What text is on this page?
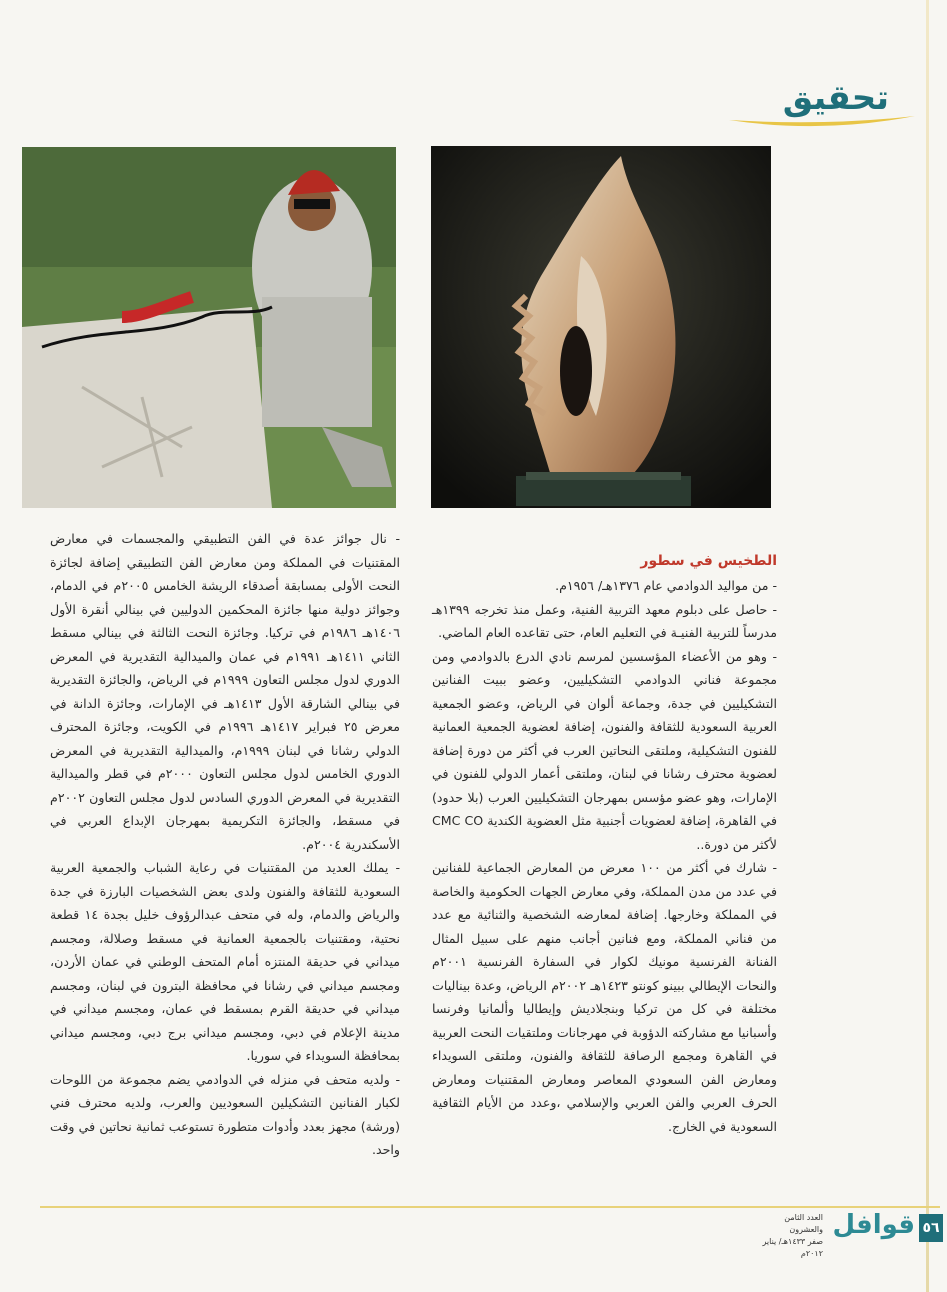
تحقيق

الطخيس في سطور

- من مواليد الدوادمي عام ١٣٧٦هـ/ ١٩٥٦م.

- حاصل على دبلوم معهد التربية الفنية، وعمل منذ تخرجه ١٣٩٩هـ مدرساً للتربية الفنيـة في التعليم العام، حتى تقاعده العام الماضي.

- وهو من الأعضاء المؤسسين لمرسم نادي الدرع بالدوادمي ومن مجموعة فناني الدوادمي التشكيليين، وعضو ببيت الفنانين التشكيليين في جدة، وجماعة ألوان في الرياض، وعضو الجمعية العربية السعودية للثقافة والفنون، إضافة لعضوية الجمعية العمانية للفنون التشكيلية، وملتقى النحاتين العرب في أكثر من دورة إضافة لعضوية محترف رشانا في لبنان، وملتقى أعمار الدولي للفنون في الإمارات، وهو عضو مؤسس بمهرجان التشكيليين العرب (بلا حدود) في القاهرة، إضافة لعضويات أجنبية مثل العضوية الكندية CMC CO لأكثر من دورة..

- شارك في أكثر من ١٠٠ معرض من المعارض الجماعية للفنانين في عدد من مدن المملكة، وفي معارض الجهات الحكومية والخاصة في المملكة وخارجها. إضافة لمعارضه الشخصية والثنائية مع عدد من فناني المملكة، ومع فنانين أجانب منهم على سبيل المثال الفنانة الفرنسية مونيك لكوار في السفارة الفرنسية ٢٠٠١م والنحات الإيطالي ببينو كونتو ١٤٢٣هـ ٢٠٠٢م الرياض، وعدة بيناليات مختلفة في كل من تركيا وبنجلاديش وإيطاليا وألمانيا وفرنسا وأسبانيا مع مشاركته الدؤوبة في مهرجانات وملتقيات النحت العربية في القاهرة ومجمع الرصافة للثقافة والفنون، وملتقى السويداء ومعارض الفن السعودي المعاصر ومعارض المقتنيات ومعارض الحرف العربي والفن العربي والإسلامي ،وعدد من الأيام الثقافية السعودية في الخارج.

- نال جوائز عدة في الفن التطبيقي والمجسمات في معارض المقتنيات في المملكة ومن معارض الفن التطبيقي إضافة لجائزة النحت الأولى بمسابقة أصدقاء الريشة الخامس ٢٠٠٥م في الدمام، وجوائز دولية منها جائزة المحكمين الدوليين في بينالي أنقرة الأول ١٤٠٦هـ ١٩٨٦م في تركيا. وجائزة النحت الثالثة في بينالي مسقط الثاني ١٤١١هـ ١٩٩١م في عمان والميدالية التقديرية في المعرض الدوري لدول مجلس التعاون ١٩٩٩م في الرياض، والجائزة التقديرية في بينالي الشارقة الأول ١٤١٣هـ في الإمارات، وجائزة الدانة في معرض ٢٥ فبراير ١٤١٧هـ ١٩٩٦م في الكويت، وجائزة المحترف الدولي رشانا في لبنان ١٩٩٩م، والميدالية التقديرية في المعرض الدوري الخامس لدول مجلس التعاون ٢٠٠٠م في قطر والميدالية التقديرية في المعرض الدوري السادس لدول مجلس التعاون ٢٠٠٢م في مسقط، والجائزة التكريمية بمهرجان الإبداع العربي في الأسكندرية ٢٠٠٤م.

- يملك العديد من المقتنيات في رعاية الشباب والجمعية العربية السعودية للثقافة والفنون ولدى بعض الشخصيات البارزة في جدة والرياض والدمام، وله في متحف عبدالرؤوف خليل بجدة ١٤ قطعة نحتية، ومقتنيات بالجمعية العمانية في مسقط وصلالة، ومجسم ميداني في حديقة المنتزه أمام المتحف الوطني في عمان الأردن، ومجسم ميداني في رشانا في محافظة البترون في لبنان، ومجسم ميداني في حديقة القرم بمسقط في عمان، ومجسم ميداني في مدينة الإعلام في دبي، ومجسم ميداني برج دبي، ومجسم ميداني بمحافظة السويداء في سوريا.

- ولديه متحف في منزله في الدوادمي يضم مجموعة من اللوحات لكبار الفنانين التشكيلين السعوديين والعرب، ولديه محترف فني (ورشة) مجهز بعدد وأدوات متطورة تستوعب ثمانية نحاتين في وقت واحد.

٥٦
قوافل
العدد الثامن والعشرون
صفر ١٤٣٣هـ/ يناير ٢٠١٢م
